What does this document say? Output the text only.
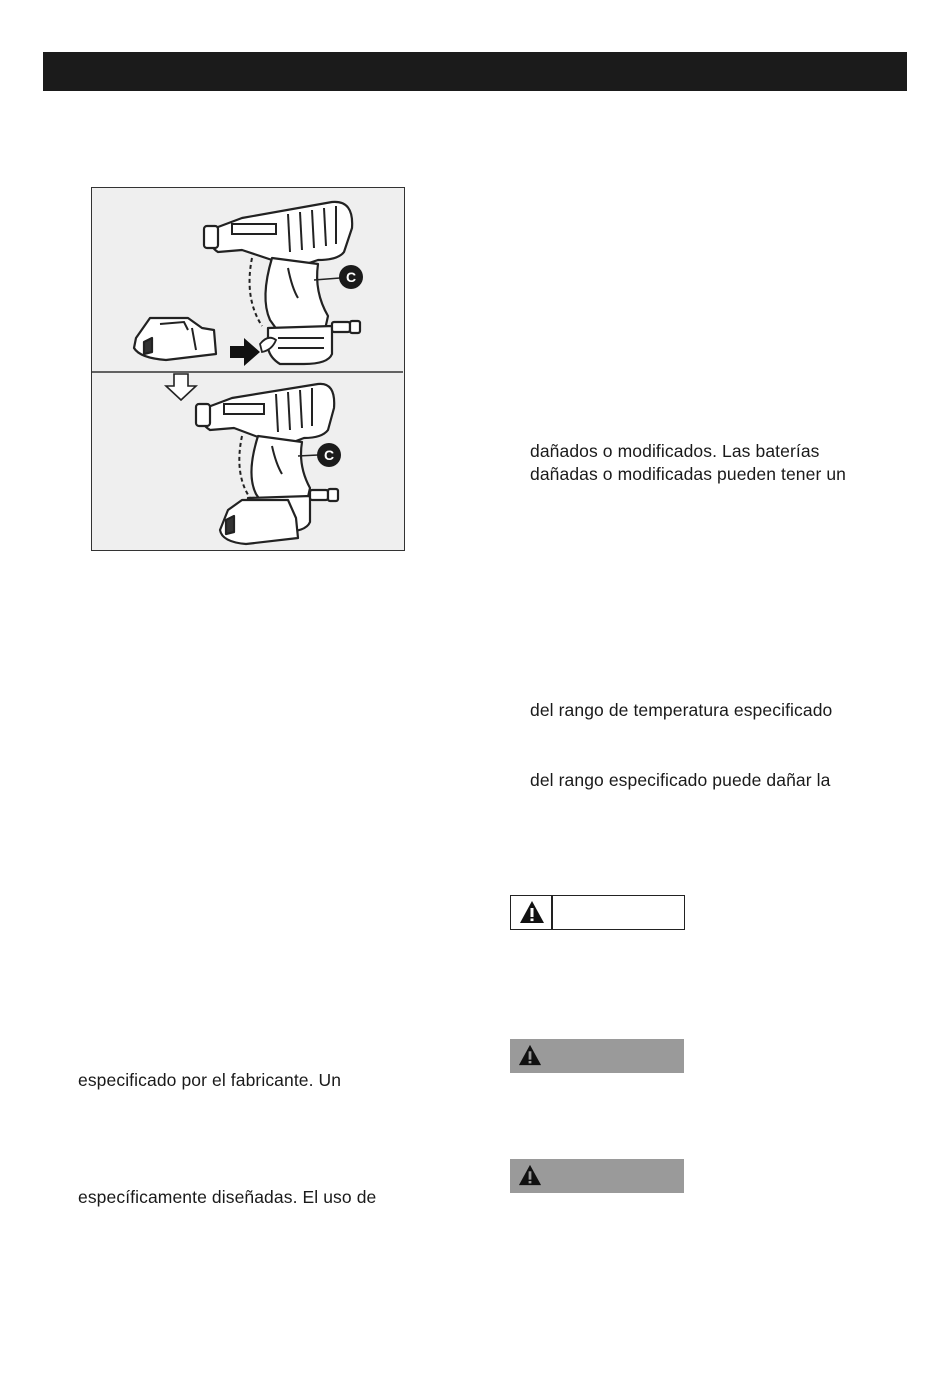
C
C	dañados o modificados. Las baterías
dañadas o modificadas pueden tener un
del rango de temperatura especificado
del rango especificado puede dañar la
especificado por el fabricante. Un
específicamente diseñadas. El uso de
